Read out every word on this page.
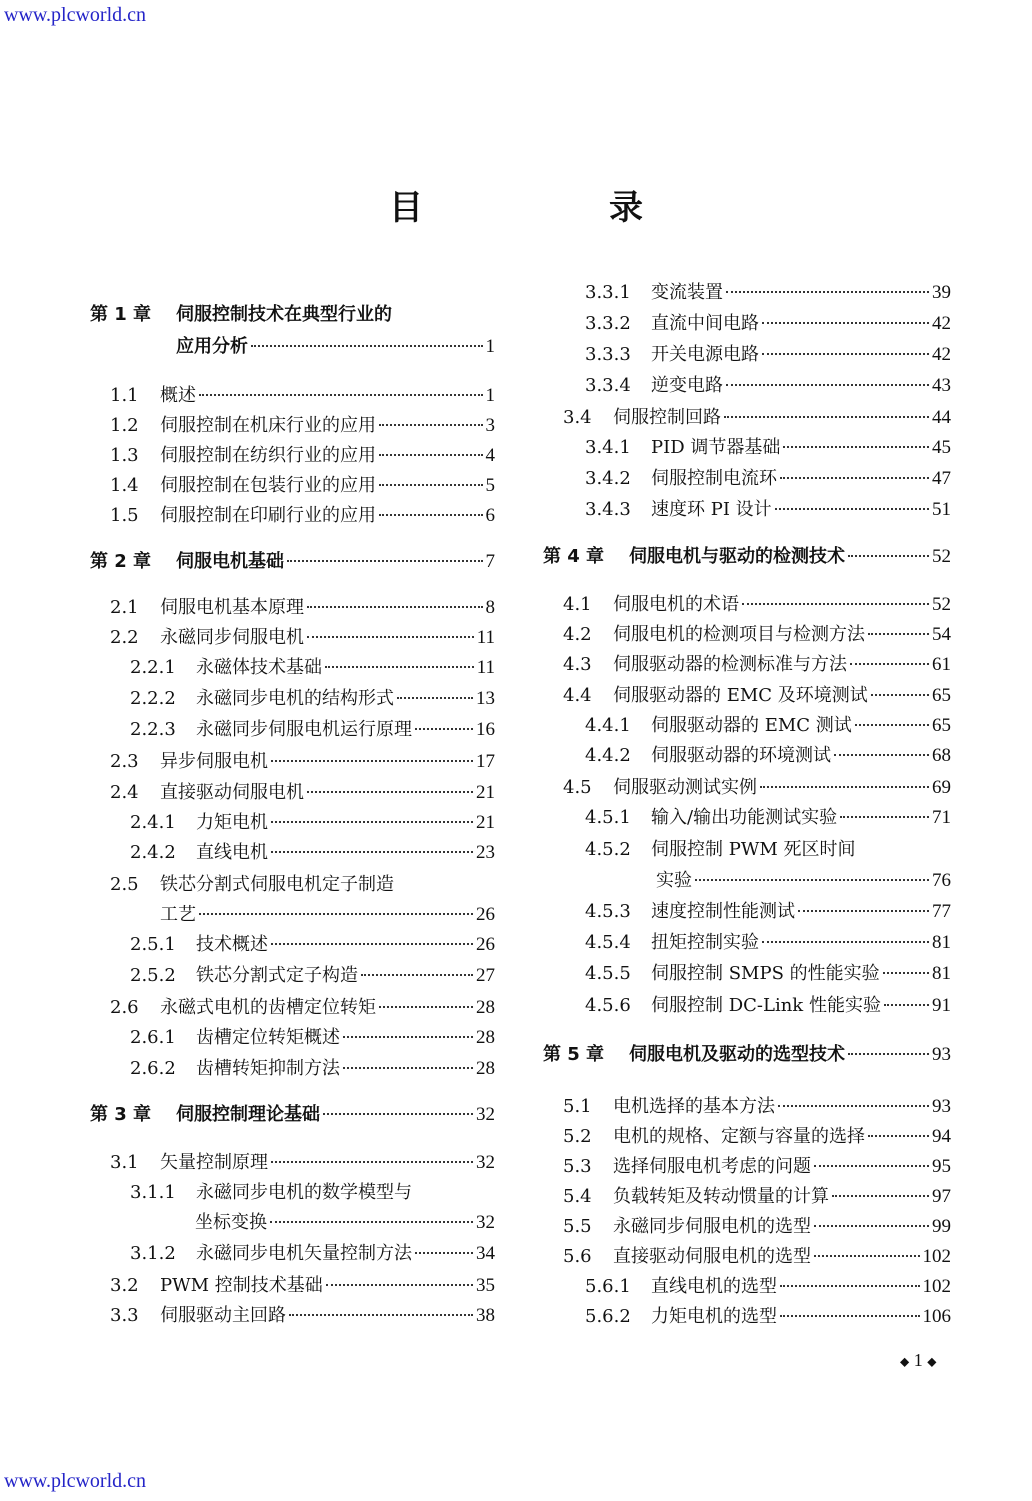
www.plcworld.cn
目　录
第 1 章	伺服控制技术在典型行业的
应用分析	1
1.1	概述	1
1.2	伺服控制在机床行业的应用	3
1.3	伺服控制在纺织行业的应用	4
1.4	伺服控制在包装行业的应用	5
1.5	伺服控制在印刷行业的应用	6
第 2 章	伺服电机基础	7
2.1	伺服电机基本原理	8
2.2	永磁同步伺服电机	11
2.2.1	永磁体技术基础	11
2.2.2	永磁同步电机的结构形式	13
2.2.3	永磁同步伺服电机运行原理	16
2.3	异步伺服电机	17
2.4	直接驱动伺服电机	21
2.4.1	力矩电机	21
2.4.2	直线电机	23
2.5	铁芯分割式伺服电机定子制造
工艺	26
2.5.1	技术概述	26
2.5.2	铁芯分割式定子构造	27
2.6	永磁式电机的齿槽定位转矩	28
2.6.1	齿槽定位转矩概述	28
2.6.2	齿槽转矩抑制方法	28
第 3 章	伺服控制理论基础	32
3.1	矢量控制原理	32
3.1.1	永磁同步电机的数学模型与
坐标变换	32
3.1.2	永磁同步电机矢量控制方法	34
3.2	PWM 控制技术基础	35
3.3	伺服驱动主回路	38
3.3.1	变流装置	39
3.3.2	直流中间电路	42
3.3.3	开关电源电路	42
3.3.4	逆变电路	43
3.4	伺服控制回路	44
3.4.1	PID 调节器基础	45
3.4.2	伺服控制电流环	47
3.4.3	速度环 PI 设计	51
第 4 章	伺服电机与驱动的检测技术	52
4.1	伺服电机的术语	52
4.2	伺服电机的检测项目与检测方法	54
4.3	伺服驱动器的检测标准与方法	61
4.4	伺服驱动器的 EMC 及环境测试	65
4.4.1	伺服驱动器的 EMC 测试	65
4.4.2	伺服驱动器的环境测试	68
4.5	伺服驱动测试实例	69
4.5.1	输入/输出功能测试实验	71
4.5.2	伺服控制 PWM 死区时间
实验	76
4.5.3	速度控制性能测试	77
4.5.4	扭矩控制实验	81
4.5.5	伺服控制 SMPS 的性能实验	81
4.5.6	伺服控制 DC-Link 性能实验	91
第 5 章	伺服电机及驱动的选型技术	93
5.1	电机选择的基本方法	93
5.2	电机的规格、定额与容量的选择	94
5.3	选择伺服电机考虑的问题	95
5.4	负载转矩及转动惯量的计算	97
5.5	永磁同步伺服电机的选型	99
5.6	直接驱动伺服电机的选型	102
5.6.1	直线电机的选型	102
5.6.2	力矩电机的选型	106
◆ 1 ◆
www.plcworld.cn
